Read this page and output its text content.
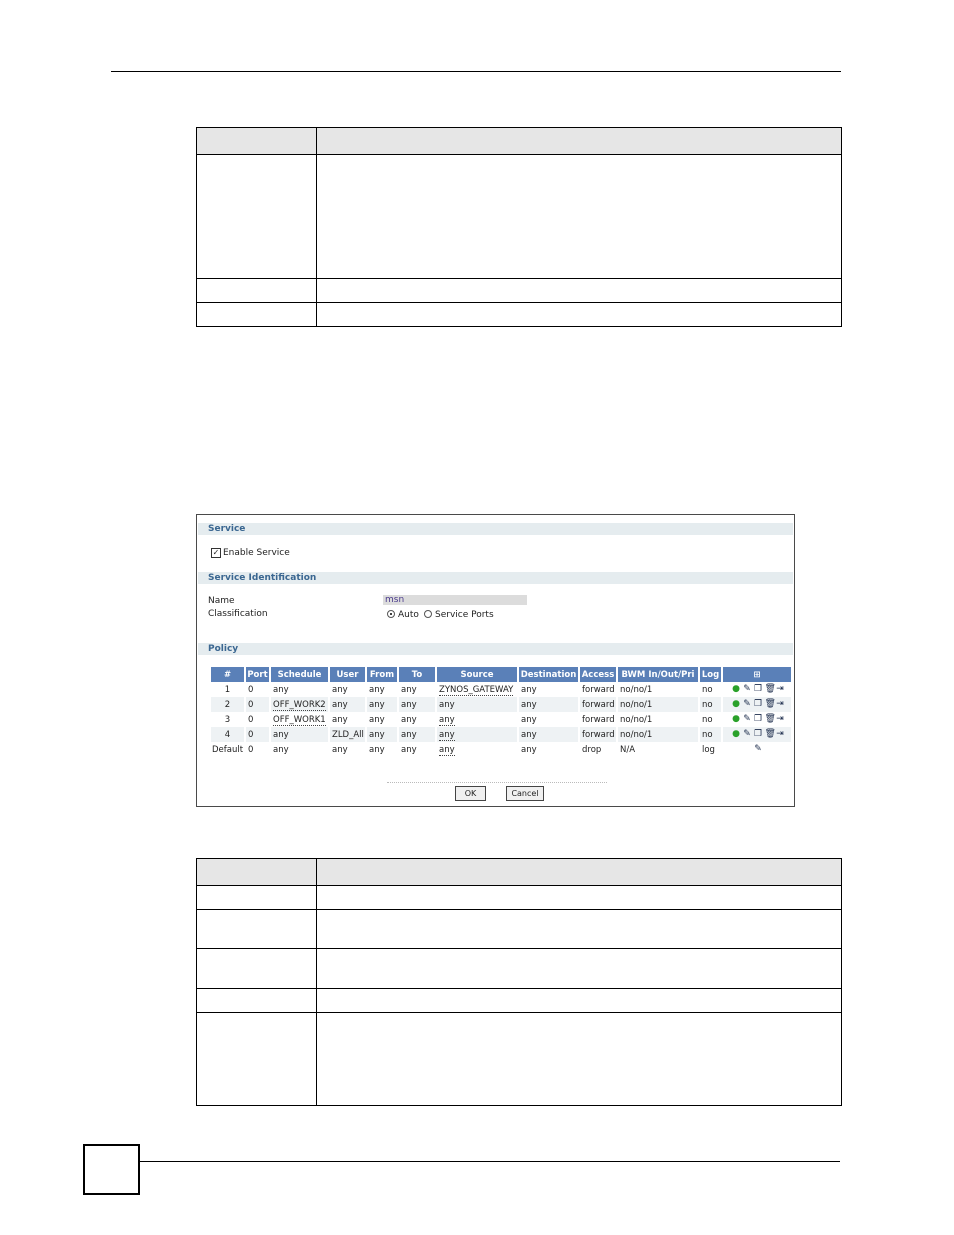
Service
✓ Enable Service
Service Identification
Name	msn
Classification	Auto Service Ports
Policy
#	Port	Schedule	User	From	To	Source	Destination	Access	BWM In/Out/Pri	Log	⊞
1	0	any	any	any	any	ZYNOS_GATEWAY	any	forward	no/no/1	no	● ✎ ❐ 🗑 ⇥

2	0	OFF_WORK2	any	any	any	any	any	forward	no/no/1	no	● ✎ ❐ 🗑 ⇥

3	0	OFF_WORK1	any	any	any	any	any	forward	no/no/1	no	● ✎ ❐ 🗑 ⇥

4	0	any	ZLD_All	any	any	any	any	forward	no/no/1	no	● ✎ ❐ 🗑 ⇥

Default	0	any	any	any	any	any	any	drop	N/A	log	✎
OK	Cancel
